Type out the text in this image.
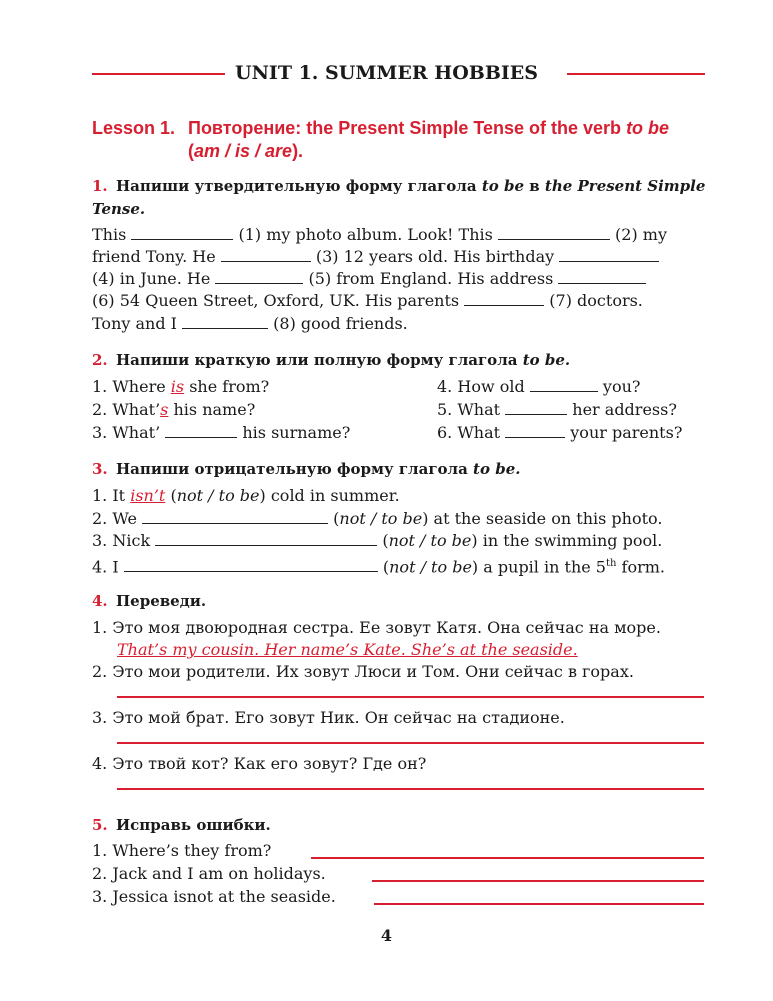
UNIT 1. SUMMER HOBBIES
Lesson 1. Повторение: the Present Simple Tense of the verb to be
(am / is / are).
1. Напиши утвердительную форму глагола to be в the Present Simple Tense.
This	(1) my photo album. Look! This	(2) my
friend Tony. He	(3) 12 years old. His birthday
(4) in June. He	(5) from England. His address
(6) 54 Queen Street, Oxford, UK. His parents	(7) doctors.
Tony and I	(8) good friends.
2. Напиши краткую или полную форму глагола to be.
1. Where is she from?
2. What’s his name?
3. What’	his surname?
4. How old	you?
5. What	her address?
6. What	your parents?
3. Напиши отрицательную форму глагола to be.
1. It isn’t (not / to be) cold in summer.
2. We	(not / to be) at the seaside on this photo.
3. Nick	(not / to be) in the swimming pool.
4. I	(not / to be) a pupil in the 5th form.
4. Переведи.
1. Это моя двоюродная сестра. Ее зовут Катя. Она сейчас на море.
That’s my cousin. Her name’s Kate. She’s at the seaside.
2. Это мои родители. Их зовут Люси и Том. Они сейчас в горах.
3. Это мой брат. Его зовут Ник. Он сейчас на стадионе.
4. Это твой кот? Как его зовут? Где он?
5. Исправь ошибки.
1. Where’s they from?
2. Jack and I am on holidays.
3. Jessica isnot at the seaside.
4
